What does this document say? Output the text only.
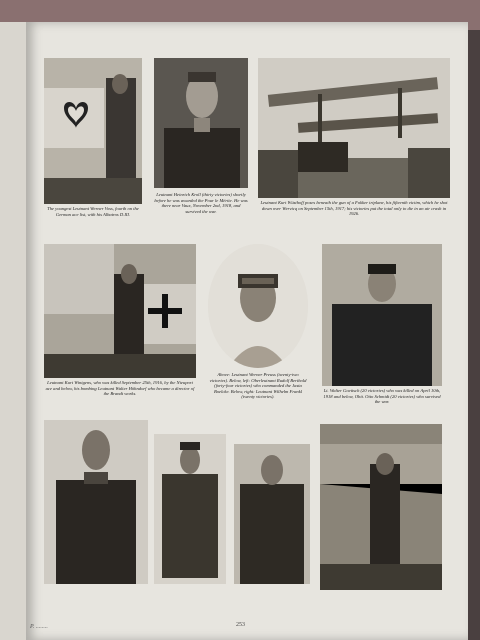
The youngest Leutnant Werner Voss, fourth on the German ace list, with his Albatros D.III.
Leutnant Heinrich Kroll (thirty victories) shortly before he was awarded the Pour le Mérite. He was there near Vaux, November 2nd, 1918, and survived the war.
Leutnant Kurt Wüsthoff poses beneath the gun of a Fokker triplane, his fifteenth victim, which he shot down over Wervicq on September 15th, 1917; his victories put the total only to die in an air crash in 1926.
Leutnant Kurt Wintgens, who was killed September 25th, 1916, by the Nieuport ace and below, his bombing Leutnant Walter Höhndorf who became a director of the Brandt works.
Above: Leutnant Werner Preuss (twenty-two victories). Below, left: Oberleutnant Rudolf Berthold (forty-four victories) who commanded the Jasta Boelcke. Below, right: Leutnant Wilhelm Frankl (twenty victories).
Lt. Walter Goettsch (20 victories) who was killed on April 10th, 1918 and below, Obit. Otto Schmidt (20 victories) who survived the war.
253
P. ........
